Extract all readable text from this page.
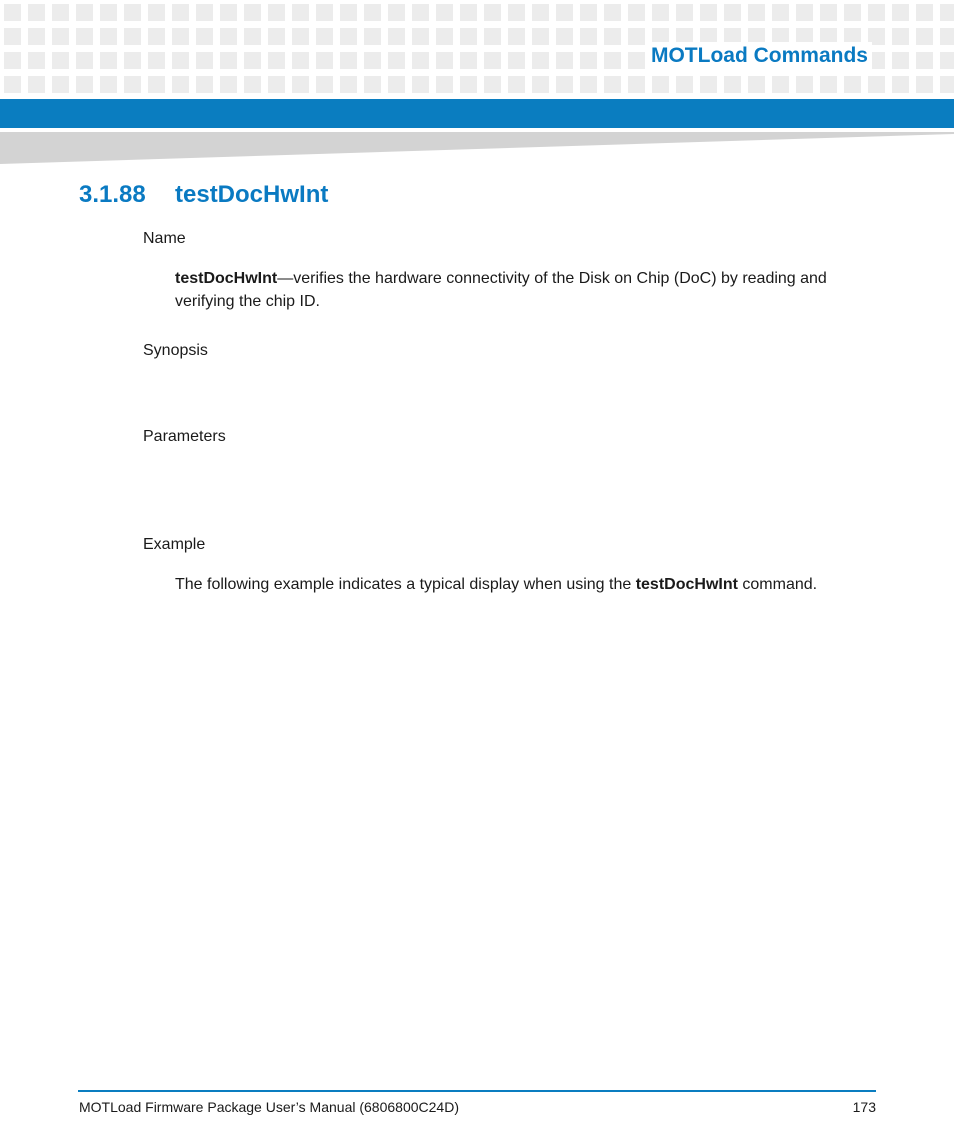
MOTLoad Commands
3.1.88 testDocHwInt
Name
testDocHwInt—verifies the hardware connectivity of the Disk on Chip (DoC) by reading and verifying the chip ID.
Synopsis
Parameters
Example
The following example indicates a typical display when using the testDocHwInt command.
MOTLoad Firmware Package User’s Manual (6806800C24D)	173
